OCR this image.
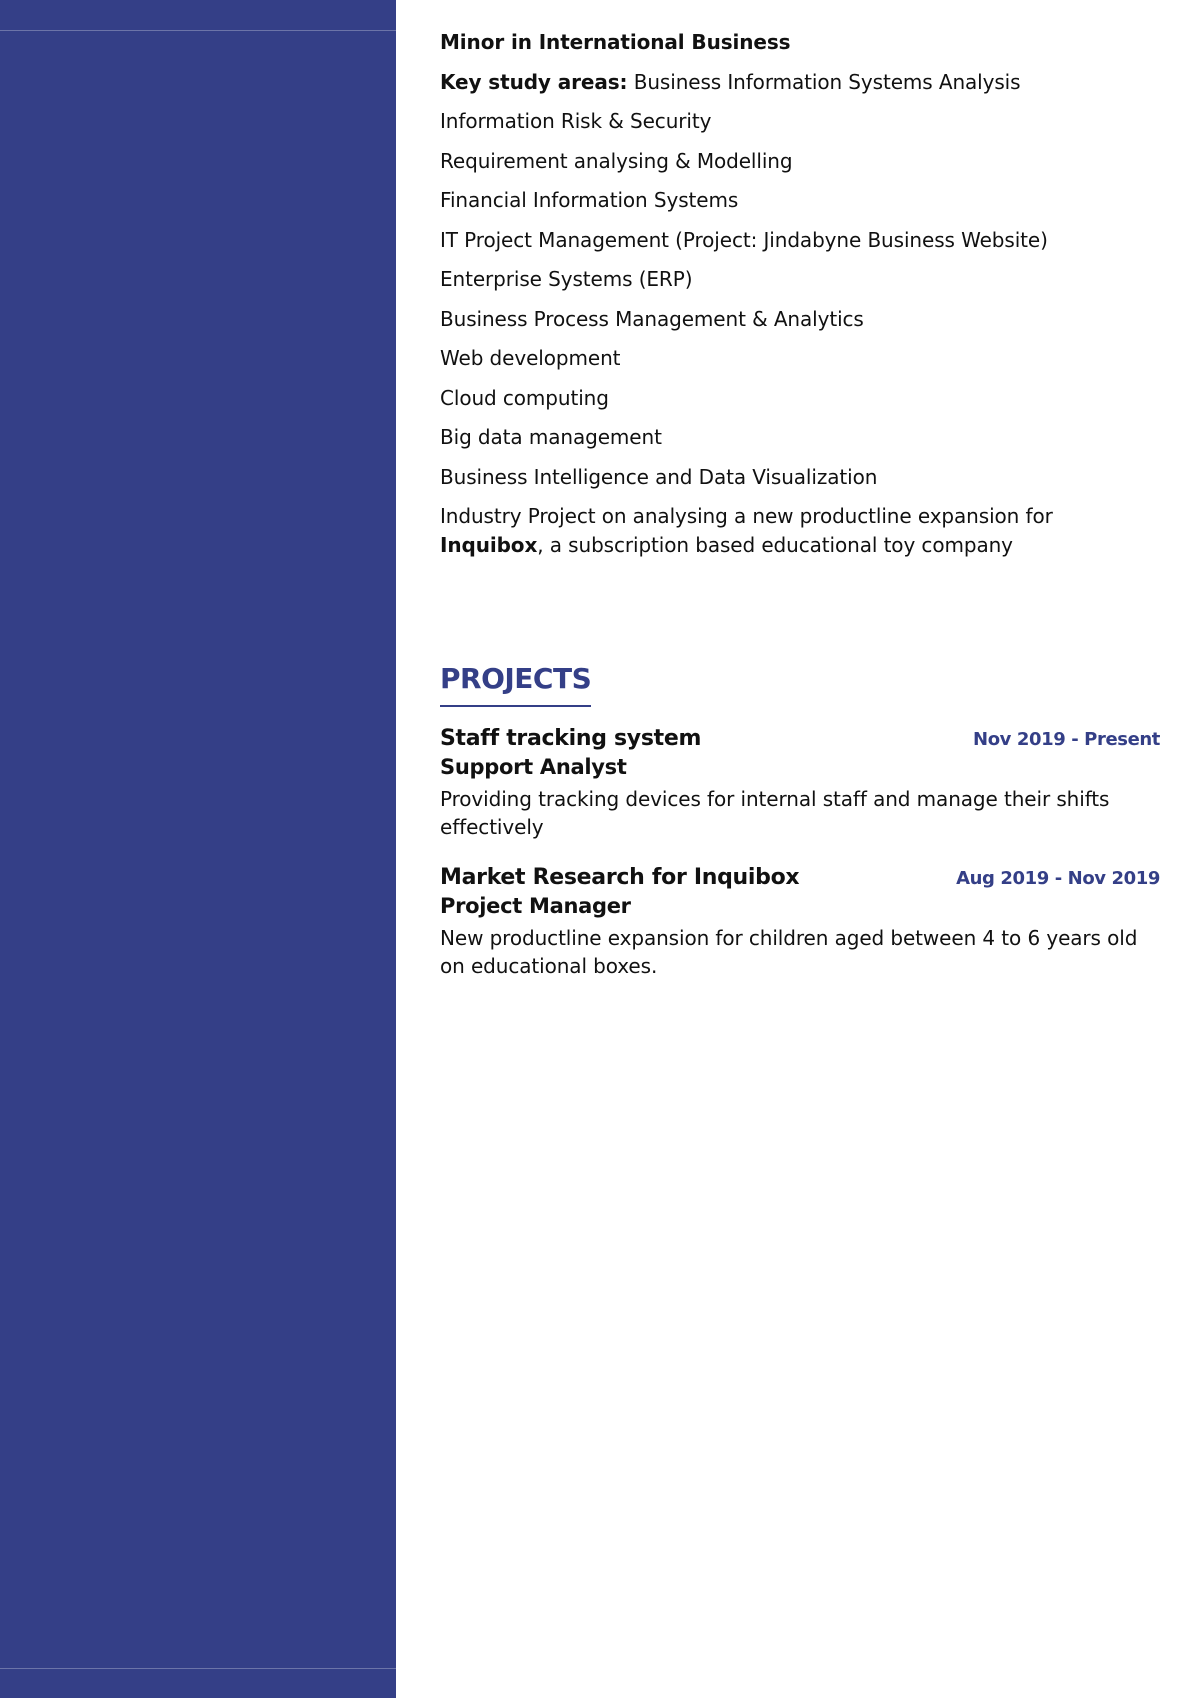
Minor in International Business

Key study areas: Business Information Systems Analysis

Information Risk & Security

Requirement analysing & Modelling

Financial Information Systems

IT Project Management (Project: Jindabyne Business Website)

Enterprise Systems (ERP)

Business Process Management & Analytics

Web development

Cloud computing

Big data management

Business Intelligence and Data Visualization

Industry Project on analysing a new productline expansion for Inquibox, a subscription based educational toy company

PROJECTS
Staff tracking system	Nov 2019 - Present
Support Analyst
Providing tracking devices for internal staff and manage their shifts effectively
Market Research for Inquibox	Aug 2019 - Nov 2019
Project Manager
New productline expansion for children aged between 4 to 6 years old on educational boxes.
